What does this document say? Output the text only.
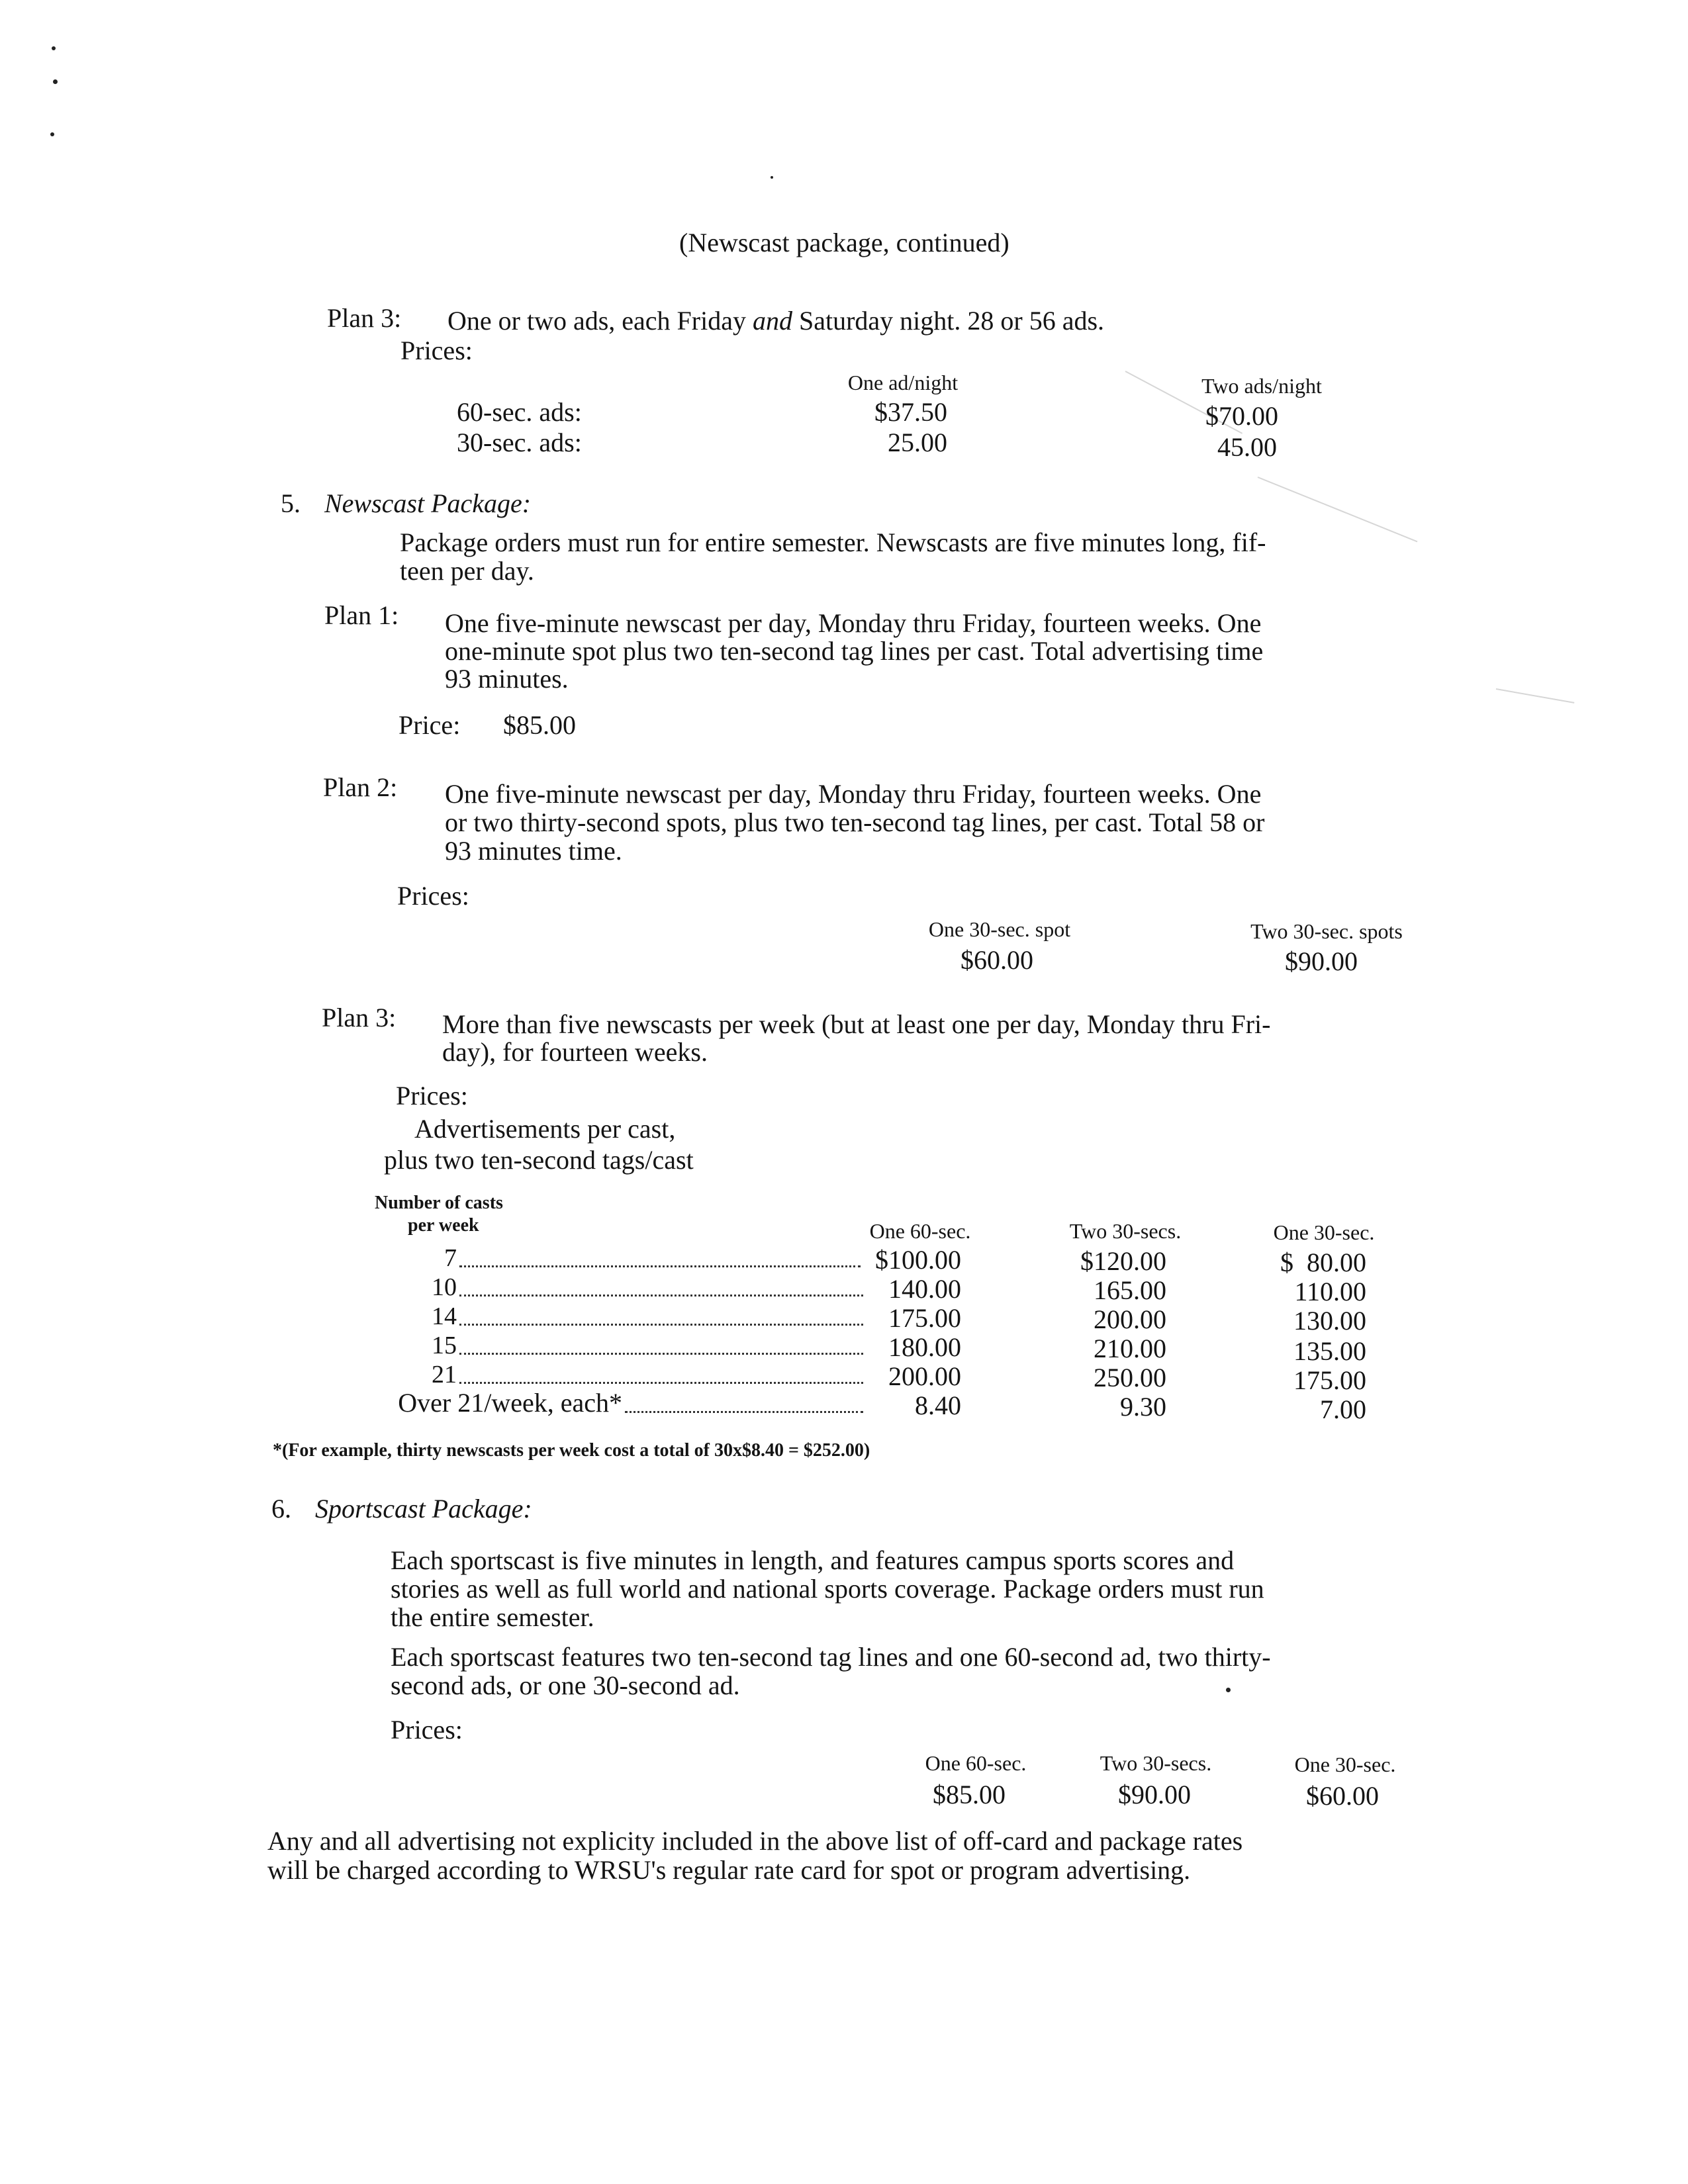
(Newscast package, continued)
Plan 3: One or two ads, each Friday and Saturday night. 28 or 56 ads.
Prices:
One ad/night	Two ads/night
60-sec. ads:	$37.50	$70.00
30-sec. ads:	25.00	45.00
5. Newscast Package:
Package orders must run for entire semester. Newscasts are five minutes long, fif-
teen per day.
Plan 1: One five-minute newscast per day, Monday thru Friday, fourteen weeks. One
one-minute spot plus two ten-second tag lines per cast. Total advertising time
93 minutes.
Price: $85.00
Plan 2: One five-minute newscast per day, Monday thru Friday, fourteen weeks. One
or two thirty-second spots, plus two ten-second tag lines, per cast. Total 58 or
93 minutes time.
Prices:
One 30-sec. spot	Two 30-sec. spots
$60.00	$90.00
Plan 3: More than five newscasts per week (but at least one per day, Monday thru Fri-
day), for fourteen weeks.
Prices:
Advertisements per cast,
plus two ten-second tags/cast
Number of casts
per week	One 60-sec.	Two 30-secs.	One 30-sec.
7	$100.00	$120.00	$  80.00
10	140.00	165.00	110.00
14	175.00	200.00	130.00
15	180.00	210.00	135.00
21	200.00	250.00	175.00
Over 21/week, each*	8.40	9.30	7.00
*(For example, thirty newscasts per week cost a total of 30x$8.40 = $252.00)
6. Sportscast Package:
Each sportscast is five minutes in length, and features campus sports scores and
stories as well as full world and national sports coverage. Package orders must run
the entire semester.
Each sportscast features two ten-second tag lines and one 60-second ad, two thirty-
second ads, or one 30-second ad.
Prices:
One 60-sec.	Two 30-secs.	One 30-sec.
$85.00	$90.00	$60.00
Any and all advertising not explicity included in the above list of off-card and package rates
will be charged according to WRSU's regular rate card for spot or program advertising.
